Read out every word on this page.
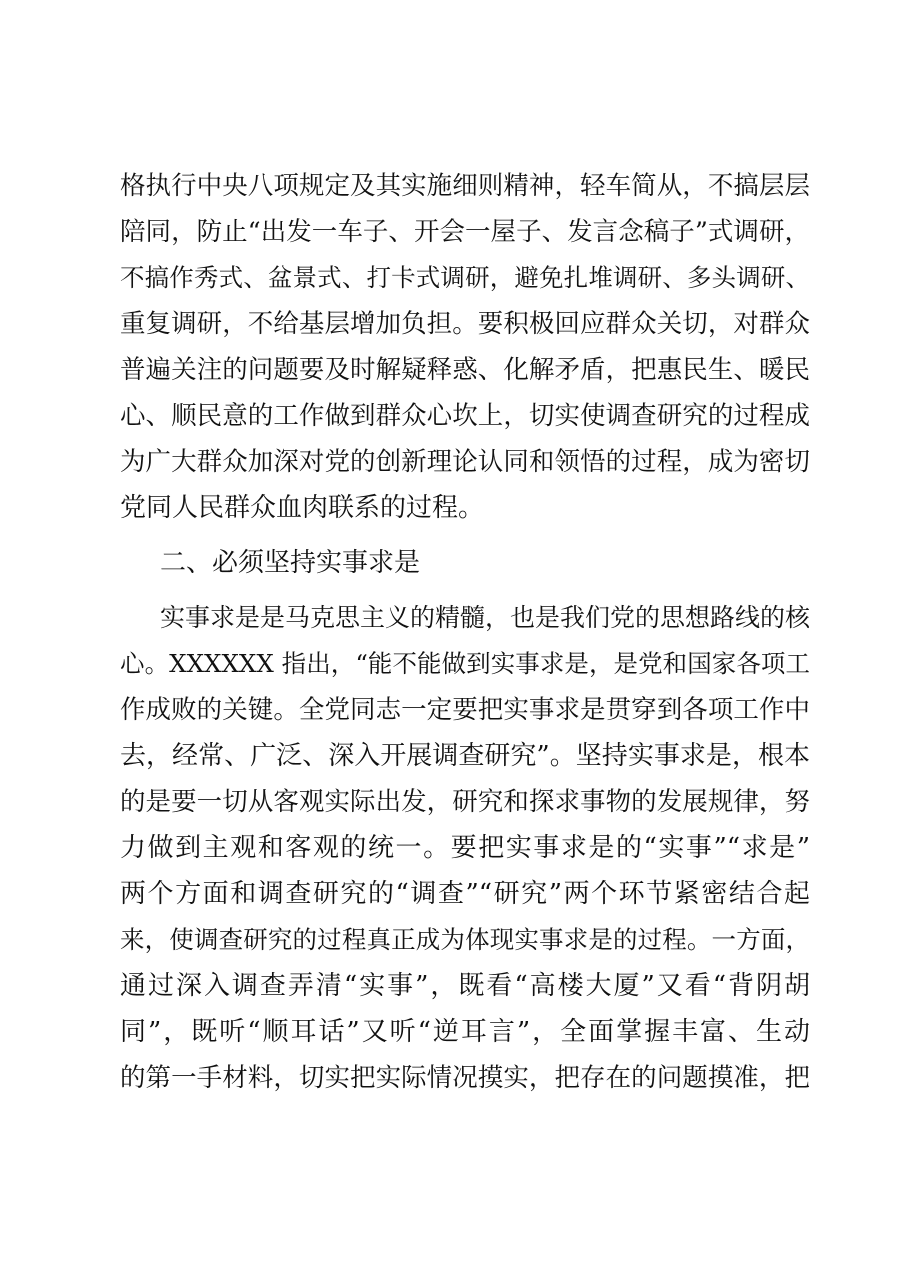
格执行中央八项规定及其实施细则精神，轻车简从，不搞层层
陪同，防止“出发一车子、开会一屋子、发言念稿子”式调研，
不搞作秀式、盆景式、打卡式调研，避免扎堆调研、多头调研、
重复调研，不给基层增加负担。要积极回应群众关切，对群众
普遍关注的问题要及时解疑释惑、化解矛盾，把惠民生、暖民
心、顺民意的工作做到群众心坎上，切实使调查研究的过程成
为广大群众加深对党的创新理论认同和领悟的过程，成为密切
党同人民群众血肉联系的过程。
二、必须坚持实事求是
实事求是是马克思主义的精髓，也是我们党的思想路线的核
心。XXXXXX 指出，“能不能做到实事求是，是党和国家各项工
作成败的关键。全党同志一定要把实事求是贯穿到各项工作中
去，经常、广泛、深入开展调查研究”。坚持实事求是，根本
的是要一切从客观实际出发，研究和探求事物的发展规律，努
力做到主观和客观的统一。要把实事求是的“实事”“求是”
两个方面和调查研究的“调查”“研究”两个环节紧密结合起
来，使调查研究的过程真正成为体现实事求是的过程。一方面，
通过深入调查弄清“实事”，既看“高楼大厦”又看“背阴胡
同”，既听“顺耳话”又听“逆耳言”，全面掌握丰富、生动
的第一手材料，切实把实际情况摸实，把存在的问题摸准，把
